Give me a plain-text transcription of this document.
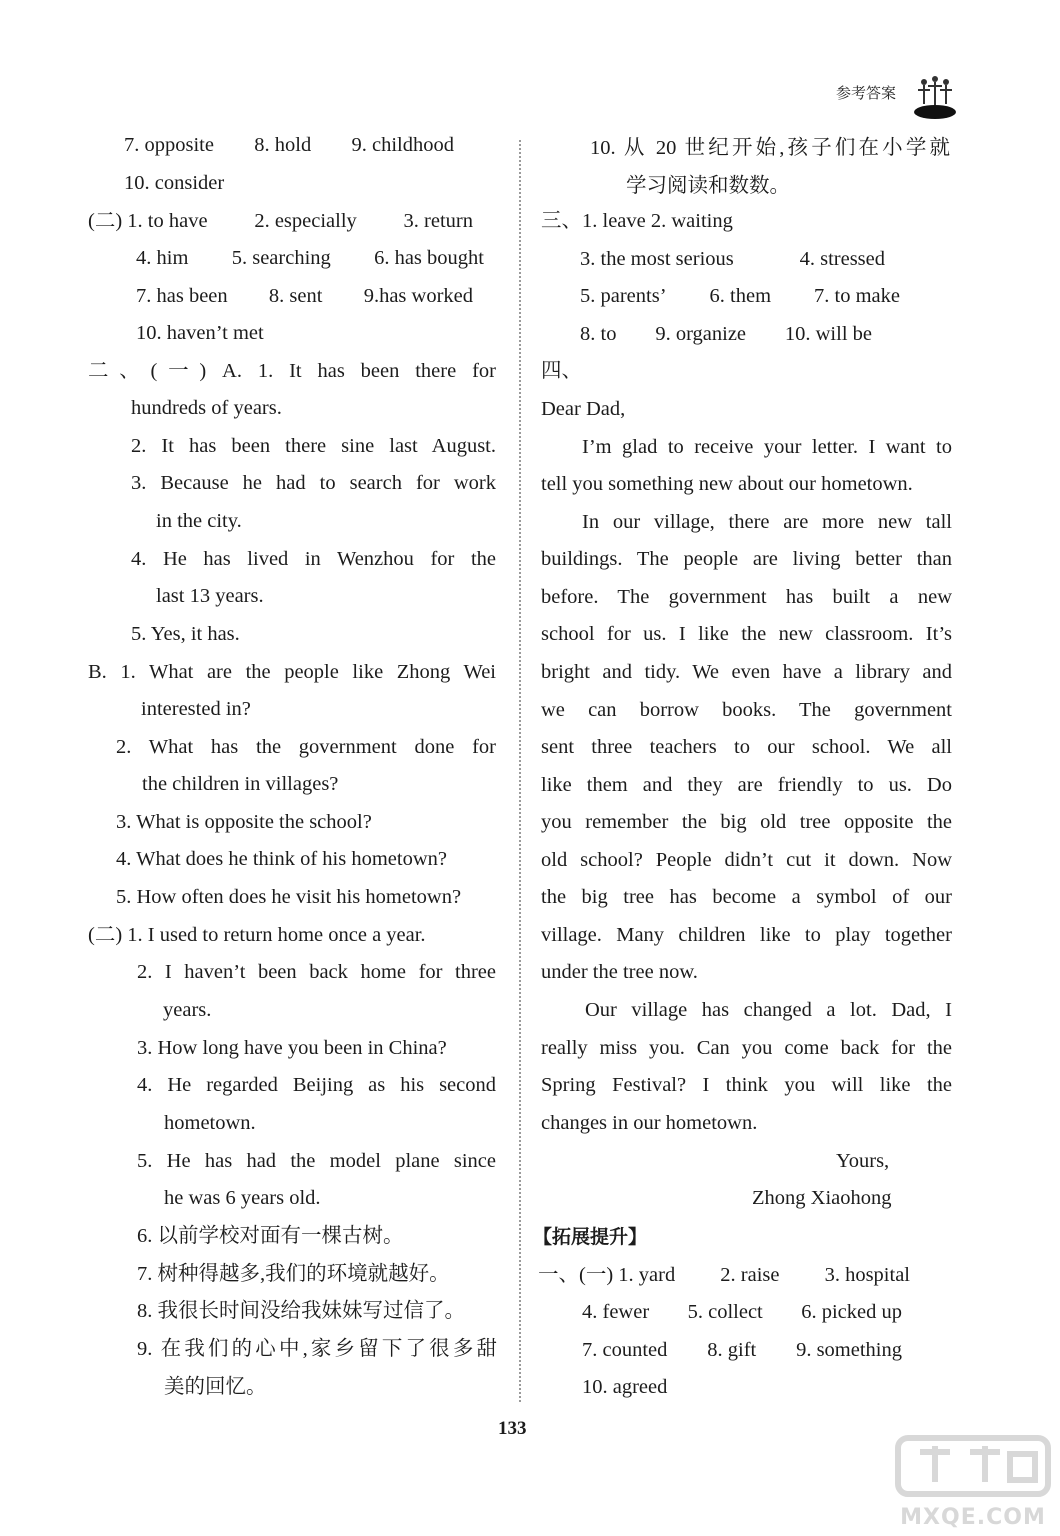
参考答案
7. opposite 8. hold 9. childhood
10. consider
(二) 1. to have 2. especially 3. return
4. him 5. searching 6. has bought
7. has been 8. sent 9.has worked
10. haven’t met
二、(一) A. 1. It has been there for
hundreds of years.
2. It has been there sine last August.
3. Because he had to search for work
in the city.
4. He has lived in Wenzhou for the
last 13 years.
5. Yes, it has.
B. 1. What are the people like Zhong Wei
interested in?
2. What has the government done for
the children in villages?
3. What is opposite the school?
4. What does he think of his hometown?
5. How often does he visit his hometown?
(二) 1. I used to return home once a year.
2. I haven’t been back home for three
years.
3. How long have you been in China?
4. He regarded Beijing as his second
hometown.
5. He has had the model plane since
he was 6 years old.
6. 以前学校对面有一棵古树。
7. 树种得越多,我们的环境就越好。
8. 我很长时间没给我妹妹写过信了。
9. 在我们的心中,家乡留下了很多甜
美的回忆。
10. 从 20 世纪开始,孩子们在小学就
学习阅读和数数。
三、1. leave 2. waiting
3. the most serious	4. stressed
5. parents’ 6. them 7. to make
8. to 9. organize 10. will be
四、
Dear Dad,
I’m glad to receive your letter. I want to
tell you something new about our hometown.
In our village, there are more new tall
buildings. The people are living better than
before. The government has built a new
school for us. I like the new classroom. It’s
bright and tidy. We even have a library and
we can borrow books. The government
sent three teachers to our school. We all
like them and they are friendly to us. Do
you remember the big old tree opposite the
old school? People didn’t cut it down. Now
the big tree has become a symbol of our
village. Many children like to play together
under the tree now.
Our village has changed a lot. Dad, I
really miss you. Can you come back for the
Spring Festival? I think you will like the
changes in our hometown.
Yours,
Zhong Xiaohong
【拓展提升】
一、(一) 1. yard 2. raise 3. hospital
4. fewer 5. collect 6. picked up
7. counted 8. gift 9. something
10. agreed
133
MXQE.COM
